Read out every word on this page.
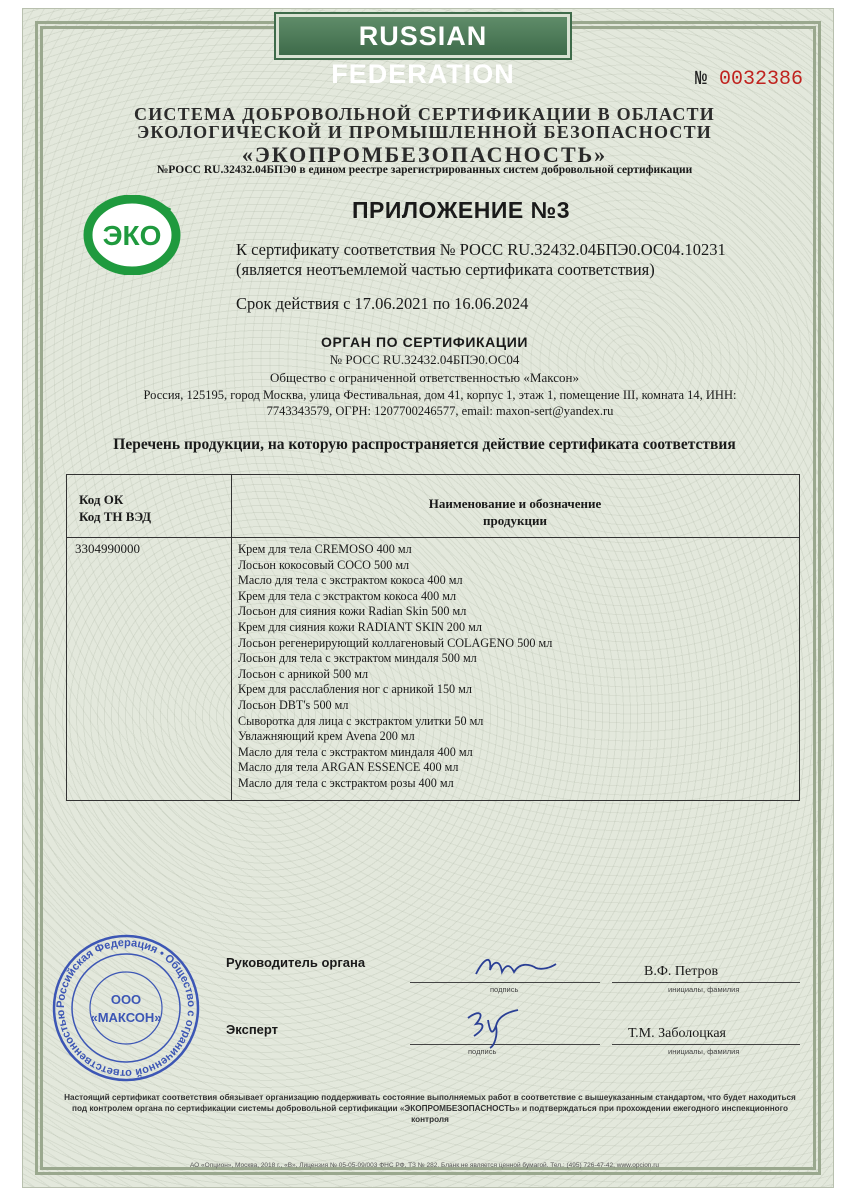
RUSSIAN FEDERATION	№ 0032386
СИСТЕМА ДОБРОВОЛЬНОЙ СЕРТИФИКАЦИИ В ОБЛАСТИ
ЭКОЛОГИЧЕСКОЙ И ПРОМЫШЛЕННОЙ БЕЗОПАСНОСТИ
«ЭКОПРОМБЕЗОПАСНОСТЬ»
№РОСС RU.32432.04БПЭ0 в едином реестре зарегистрированных систем добровольной сертификации
ЭКО
ПРИЛОЖЕНИЕ №3
К сертификату соответствия № РОСС RU.32432.04БПЭ0.ОС04.10231
(является неотъемлемой частью сертификата соответствия)
Срок действия с 17.06.2021 по 16.06.2024
ОРГАН ПО СЕРТИФИКАЦИИ
№ РОСС RU.32432.04БПЭ0.ОС04
Общество с ограниченной ответственностью «Максон»
Россия, 125195, город Москва, улица Фестивальная, дом 41, корпус 1, этаж 1, помещение III, комната 14, ИНН:
7743343579, ОГРН: 1207700246577, email: maxon-sert@yandex.ru
Перечень продукции, на которую распространяется действие сертификата соответствия
Код ОК
Код ТН ВЭД
Наименование и обозначение
продукции
3304990000	Крем для тела CREMOSO 400 мл
Лосьон кокосовый COCO 500 мл
Масло для тела с экстрактом кокоса 400 мл
Крем для тела с экстрактом кокоса 400 мл
Лосьон для сияния кожи Radian Skin 500 мл
Крем для сияния кожи RADIANT SKIN 200 мл
Лосьон регенерирующий коллагеновый COLAGENO 500 мл
Лосьон для тела с экстрактом миндаля 500 мл
Лосьон с арникой 500 мл
Крем для расслабления ног с арникой 150 мл
Лосьон DBT's 500 мл
Сыворотка для лица с экстрактом улитки 50 мл
Увлажняющий крем Avena 200 мл
Масло для тела с экстрактом миндаля 400 мл
Масло для тела ARGAN ESSENCE 400 мл
Масло для тела с экстрактом розы 400 мл
Российская Федерация • Общество с ограниченной ответственностью
ООО
«МАКСОН»
Руководитель органа
подпись
В.Ф. Петров
инициалы, фамилия
Эксперт
подпись
Т.М. Заболоцкая
инициалы, фамилия
Настоящий сертификат соответствия обязывает организацию поддерживать состояние выполняемых работ в соответствие с вышеуказанным стандартом, что будет находиться
под контролем органа по сертификации системы добровольной сертификации «ЭКОПРОМБЕЗОПАСНОСТЬ» и подтверждаться при прохождении ежегодного инспекционного контроля
АО «Опцион», Москва, 2018 г., «В», Лицензия № 05-05-09/003 ФНС РФ, ТЗ № 282. Бланк не является ценной бумагой. Тел.: (495) 726-47-42, www.opcion.ru
